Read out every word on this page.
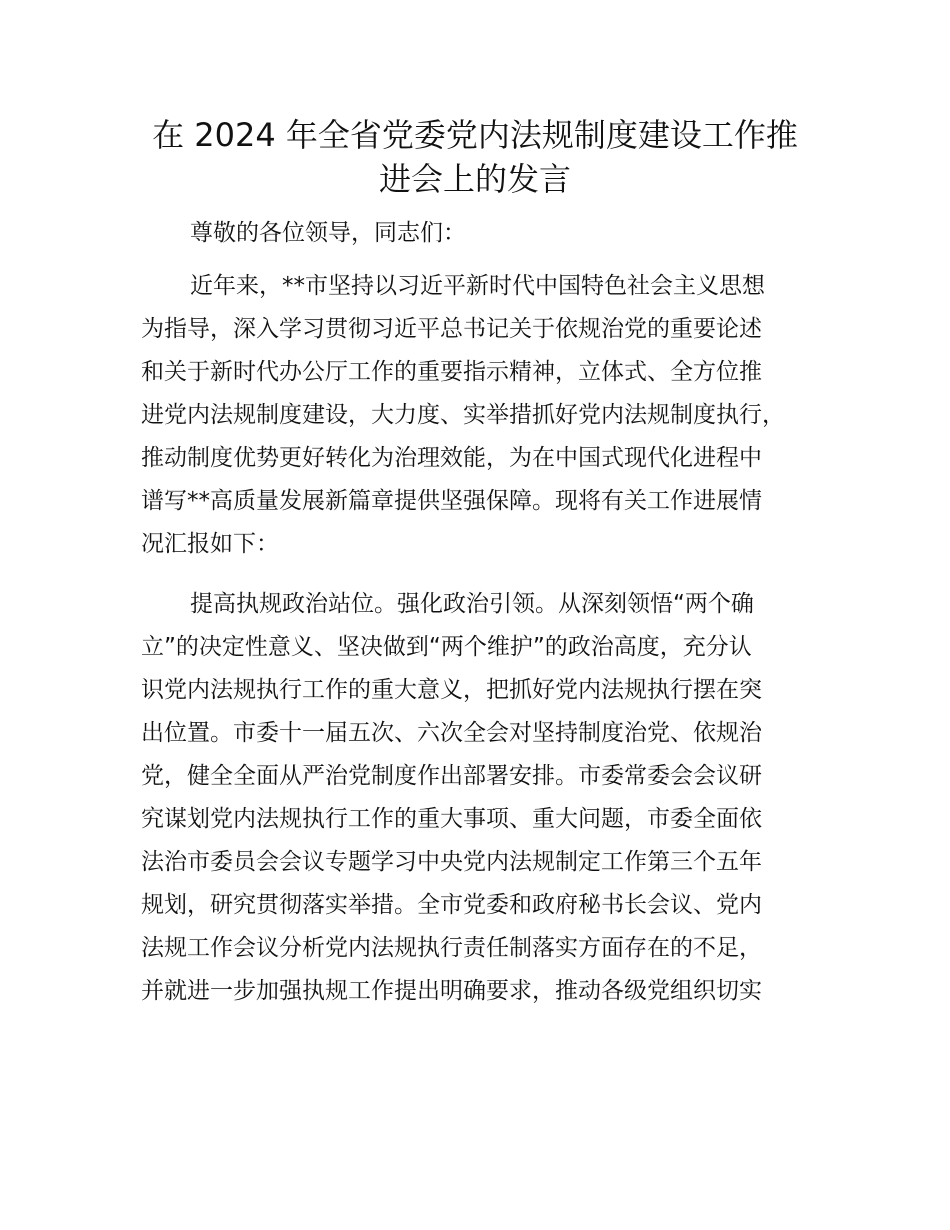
在 2024 年全省党委党内法规制度建设工作推
进会上的发言
尊敬的各位领导，同志们：
近年来，**市坚持以习近平新时代中国特色社会主义思想
为指导，深入学习贯彻习近平总书记关于依规治党的重要论述
和关于新时代办公厅工作的重要指示精神，立体式、全方位推
进党内法规制度建设，大力度、实举措抓好党内法规制度执行，
推动制度优势更好转化为治理效能，为在中国式现代化进程中
谱写**高质量发展新篇章提供坚强保障。现将有关工作进展情
况汇报如下：
提高执规政治站位。强化政治引领。从深刻领悟“两个确
立”的决定性意义、坚决做到“两个维护”的政治高度，充分认
识党内法规执行工作的重大意义，把抓好党内法规执行摆在突
出位置。市委十一届五次、六次全会对坚持制度治党、依规治
党，健全全面从严治党制度作出部署安排。市委常委会会议研
究谋划党内法规执行工作的重大事项、重大问题，市委全面依
法治市委员会会议专题学习中央党内法规制定工作第三个五年
规划，研究贯彻落实举措。全市党委和政府秘书长会议、党内
法规工作会议分析党内法规执行责任制落实方面存在的不足，
并就进一步加强执规工作提出明确要求，推动各级党组织切实
